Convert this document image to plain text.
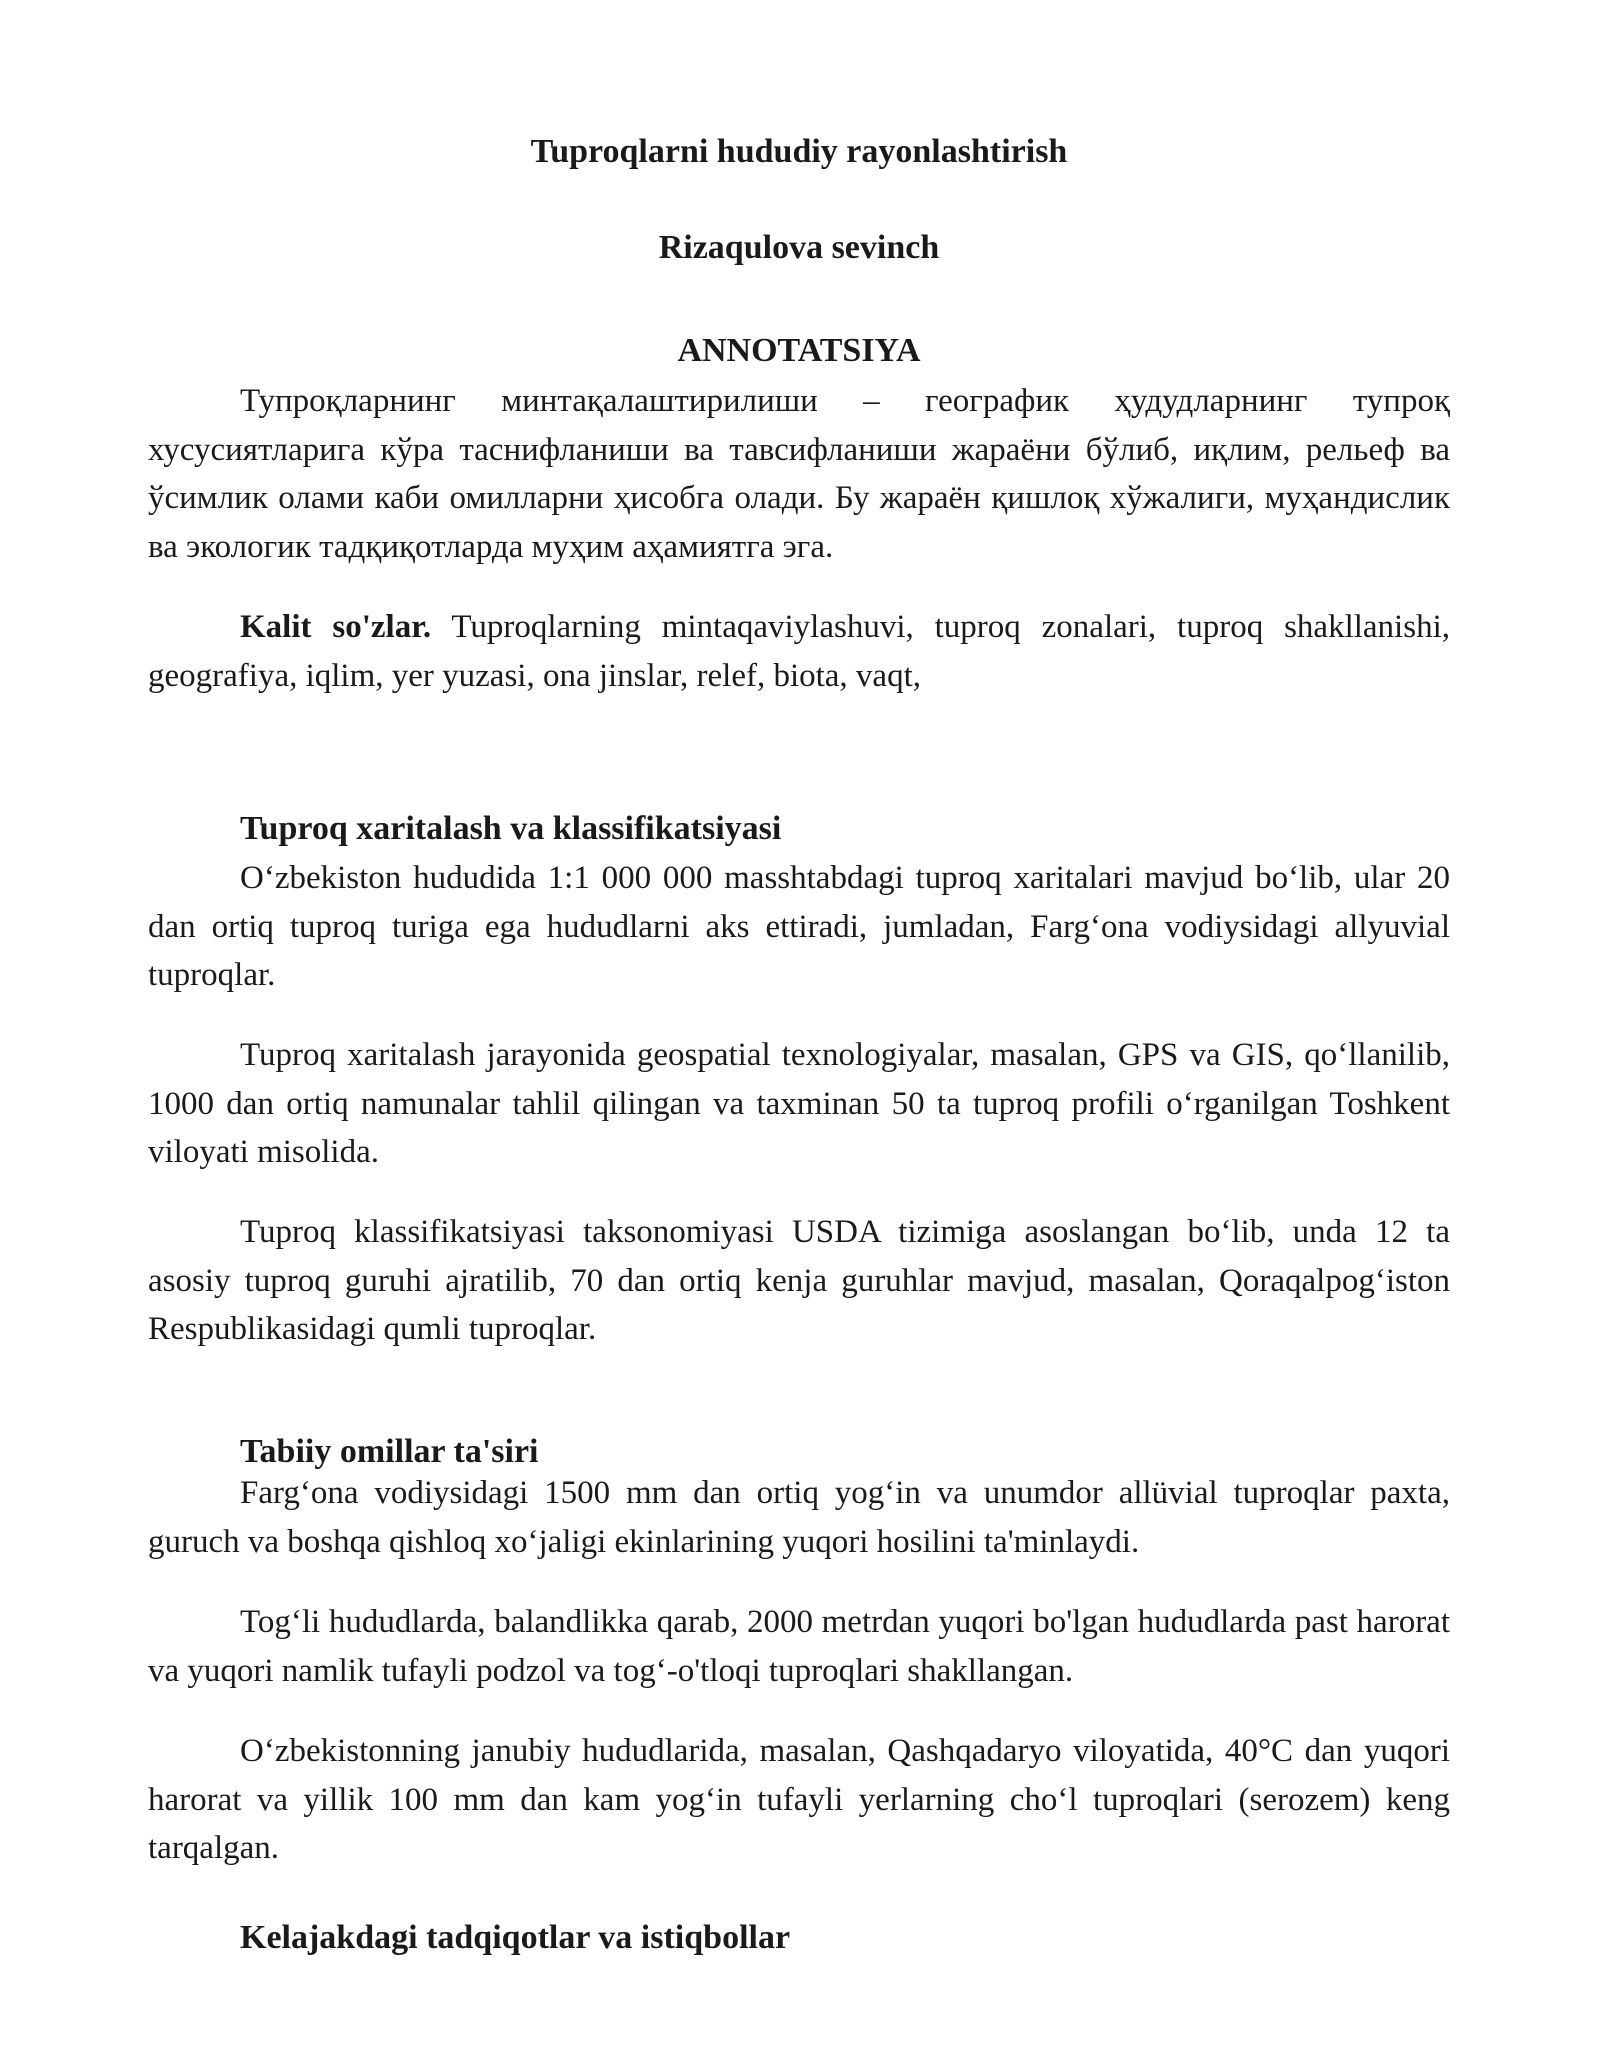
Tuproqlarni hududiy rayonlashtirish
Rizaqulova sevinch
ANNOTATSIYA
Тупроқларнинг минтақалаштирилиши – географик ҳудудларнинг тупроқ хусусиятларига кўра таснифланиши ва тавсифланиши жараёни бўлиб, иқлим, рельеф ва ўсимлик олами каби омилларни ҳисобга олади. Бу жараён қишлоқ хўжалиги, муҳандислик ва экологик тадқиқотларда муҳим аҳамиятга эга.
Kalit so'zlar. Tuproqlarning mintaqaviylashuvi, tuproq zonalari, tuproq shakllanishi, geografiya, iqlim, yer yuzasi, ona jinslar, relef, biota, vaqt,
Tuproq xaritalash va klassifikatsiyasi
O‘zbekiston hududida 1:1 000 000 masshtabdagi tuproq xaritalari mavjud bo‘lib, ular 20 dan ortiq tuproq turiga ega hududlarni aks ettiradi, jumladan, Farg‘ona vodiysidagi allyuvial tuproqlar.
Tuproq xaritalash jarayonida geospatial texnologiyalar, masalan, GPS va GIS, qo‘llanilib, 1000 dan ortiq namunalar tahlil qilingan va taxminan 50 ta tuproq profili o‘rganilgan Toshkent viloyati misolida.
Tuproq klassifikatsiyasi taksonomiyasi USDA tizimiga asoslangan bo‘lib, unda 12 ta asosiy tuproq guruhi ajratilib, 70 dan ortiq kenja guruhlar mavjud, masalan, Qoraqalpog‘iston Respublikasidagi qumli tuproqlar.
Tabiiy omillar ta'siri
Farg‘ona vodiysidagi 1500 mm dan ortiq yog‘in va unumdor allüvial tuproqlar paxta, guruch va boshqa qishloq xo‘jaligi ekinlarining yuqori hosilini ta'minlaydi.
Tog‘li hududlarda, balandlikka qarab, 2000 metrdan yuqori bo'lgan hududlarda past harorat va yuqori namlik tufayli podzol va tog‘-o'tloqi tuproqlari shakllangan.
O‘zbekistonning janubiy hududlarida, masalan, Qashqadaryo viloyatida, 40°C dan yuqori harorat va yillik 100 mm dan kam yog‘in tufayli yerlarning cho‘l tuproqlari (serozem) keng tarqalgan.
Kelajakdagi tadqiqotlar va istiqbollar
